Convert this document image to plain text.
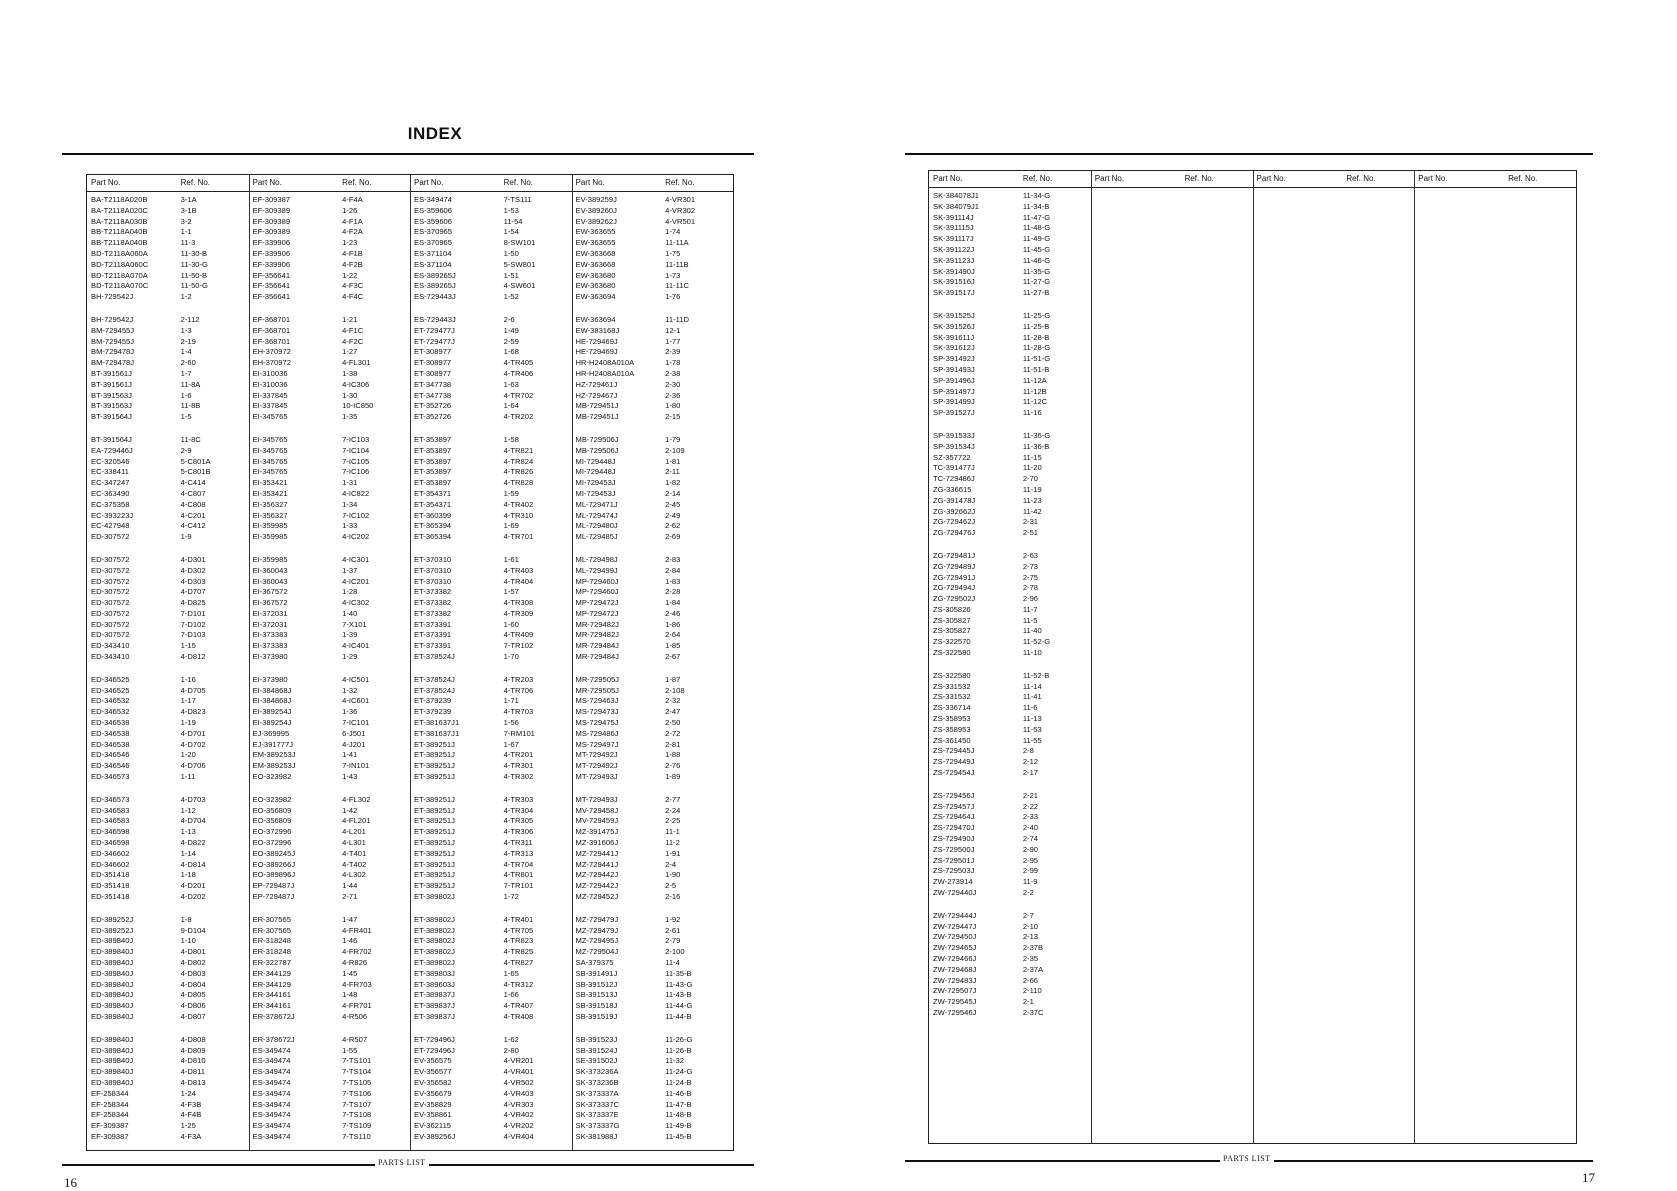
INDEX
Part No.	Ref. No.
BA-T2118A020B	3-1A
BA-T2118A020C	3-1B
BA-T2118A030B	3-2
BB-T2118A040B	1-1
BB-T2118A040B	11-3
BD-T2118A060A	11-30-B
BD-T2118A060C	11-30-G
BD-T2118A070A	11-50-B
BD-T2118A070C	11-50-G
BH-729542J	1-2
BH-729542J	2-112
BM-729455J	1-3
BM-729455J	2-19
BM-729478J	1-4
BM-729478J	2-60
BT-391561J	1-7
BT-391561J	11-8A
BT-391563J	1-6
BT-391563J	11-8B
BT-391564J	1-5
BT-391564J	11-8C
EA-729446J	2-9
EC-320546	5-C801A
EC-338411	5-C801B
EC-347247	4-C414
EC-363490	4-C807
EC-375358	4-C808
EC-393223J	4-C201
EC-427948	4-C412
ED-307572	1-9
ED-307572	4-D301
ED-307572	4-D302
ED-307572	4-D303
ED-307572	4-D707
ED-307572	4-D825
ED-307572	7-D101
ED-307572	7-D102
ED-307572	7-D103
ED-343410	1-15
ED-343410	4-D812
ED-346525	1-16
ED-346525	4-D705
ED-346532	1-17
ED-346532	4-D823
ED-346538	1-19
ED-346538	4-D701
ED-346538	4-D702
ED-346546	1-20
ED-346546	4-D706
ED-346573	1-11
ED-346573	4-D703
ED-346583	1-12
ED-346583	4-D704
ED-346598	1-13
ED-346598	4-D822
ED-346602	1-14
ED-346602	4-D814
ED-351418	1-18
ED-351418	4-D201
ED-351418	4-D202
ED-389252J	1-8
ED-389252J	9-D104
ED-389840J	1-10
ED-389840J	4-D801
ED-389840J	4-D802
ED-389840J	4-D803
ED-389840J	4-D804
ED-389840J	4-D805
ED-389840J	4-D806
ED-389840J	4-D807
ED-389840J	4-D808
ED-389840J	4-D809
ED-389840J	4-D810
ED-389840J	4-D811
ED-389840J	4-D813
EF-258344	1-24
EF-258344	4-F3B
EF-258344	4-F4B
EF-309387	1-25
EF-309387	4-F3A
Part No.	Ref. No.
EF-309387	4-F4A
EF-309389	1-26
EF-309389	4-F1A
EF-309389	4-F2A
EF-339906	1-23
EF-339906	4-F1B
EF-339906	4-F2B
EF-356641	1-22
EF-356641	4-F3C
EF-356641	4-F4C
EF-368701	1-21
EF-368701	4-F1C
EF-368701	4-F2C
EH-370972	1-27
EH-370972	4-FL301
EI-310036	1-38
EI-310036	4-IC306
EI-337845	1-30
EI-337845	10-IC850
EI-345765	1-35
EI-345765	7-IC103
EI-345765	7-IC104
EI-345765	7-IC105
EI-345765	7-IC106
EI-353421	1-31
EI-353421	4-IC822
EI-356327	1-34
EI-356327	7-IC102
EI-359985	1-33
EI-359985	4-IC202
EI-359985	4-IC301
EI-360043	1-37
EI-360043	4-IC201
EI-367572	1-28
EI-367572	4-IC302
EI-372031	1-40
EI-372031	7-X101
EI-373383	1-39
EI-373383	4-IC401
EI-373980	1-29
EI-373980	4-IC501
EI-384868J	1-32
EI-384868J	4-IC601
EI-389254J	1-36
EI-389254J	7-IC101
EJ-369995	6-J501
EJ-391777J	4-J201
EM-389253J	1-41
EM-389253J	7-IN101
EO-323982	1-43
EO-323982	4-FL302
EO-356809	1-42
EO-356809	4-FL201
EO-372996	4-L201
EO-372996	4-L301
EO-389245J	4-T401
EO-389266J	4-T402
EO-389896J	4-L302
EP-729487J	1-44
EP-729487J	2-71
ER-307565	1-47
ER-307565	4-FR401
ER-318248	1-46
ER-318248	4-FR702
ER-322787	4-R826
ER-344129	1-45
ER-344129	4-FR703
ER-344161	1-48
ER-344161	4-FR701
ER-378672J	4-R506
ER-378672J	4-R507
ES-349474	1-55
ES-349474	7-TS101
ES-349474	7-TS104
ES-349474	7-TS105
ES-349474	7-TS106
ES-349474	7-TS107
ES-349474	7-TS108
ES-349474	7-TS109
ES-349474	7-TS110
Part No.	Ref. No.
ES-349474	7-TS111
ES-359606	1-53
ES-359606	11-54
ES-370965	1-54
ES-370965	8-SW101
ES-371104	1-50
ES-371104	5-SW801
ES-389265J	1-51
ES-389265J	4-SW601
ES-729443J	1-52
ES-729443J	2-6
ET-729477J	1-49
ET-729477J	2-59
ET-308977	1-68
ET-308977	4-TR405
ET-308977	4-TR406
ET-347738	1-63
ET-347738	4-TR702
ET-352726	1-64
ET-352726	4-TR202
ET-353897	1-58
ET-353897	4-TR821
ET-353897	4-TR824
ET-353897	4-TR826
ET-353897	4-TR828
ET-354371	1-59
ET-354371	4-TR402
ET-360399	4-TR310
ET-365394	1-69
ET-365394	4-TR701
ET-370310	1-61
ET-370310	4-TR403
ET-370310	4-TR404
ET-373382	1-57
ET-373382	4-TR308
ET-373382	4-TR309
ET-373391	1-60
ET-373391	4-TR409
ET-373391	7-TR102
ET-378524J	1-70
ET-378524J	4-TR203
ET-378524J	4-TR706
ET-379239	1-71
ET-379239	4-TR703
ET-381637J1	1-56
ET-381637J1	7-RM101
ET-389251J	1-67
ET-389251J	4-TR201
ET-389251J	4-TR301
ET-389251J	4-TR302
ET-389251J	4-TR303
ET-389251J	4-TR304
ET-389251J	4-TR305
ET-389251J	4-TR306
ET-389251J	4-TR311
ET-389251J	4-TR313
ET-389251J	4-TR704
ET-389251J	4-TR801
ET-389251J	7-TR101
ET-389802J	1-72
ET-389802J	4-TR401
ET-389802J	4-TR705
ET-389802J	4-TR823
ET-389802J	4-TR825
ET-389802J	4-TR827
ET-389803J	1-65
ET-389603J	4-TR312
ET-389837J	1-66
ET-389837J	4-TR407
ET-389837J	4-TR408
ET-729496J	1-62
ET-729496J	2-80
EV-356575	4-VR201
EV-356577	4-VR401
EV-356582	4-VR502
EV-356679	4-VR403
EV-358829	4-VR303
EV-358861	4-VR402
EV-362115	4-VR202
EV-389256J	4-VR404
Part No.	Ref. No.
EV-389259J	4-VR301
EV-389260J	4-VR302
EV-389262J	4-VR501
EW-363655	1-74
EW-363655	11-11A
EW-363668	1-75
EW-363668	11-11B
EW-363680	1-73
EW-363680	11-11C
EW-363694	1-76
EW-363694	11-11D
EW-383168J	12-1
HE-729469J	1-77
HE-729469J	2-39
HR-H2408A010A	1-78
HR-H2408A010A	2-38
HZ-729461J	2-30
HZ-729467J	2-36
MB-729451J	1-80
MB-729451J	2-15
MB-729506J	1-79
MB-729506J	2-109
MI-729448J	1-81
MI-729448J	2-11
MI-729453J	1-82
MI-729453J	2-14
ML-729471J	2-45
ML-729474J	2-49
ML-729480J	2-62
ML-729485J	2-69
ML-729498J	2-83
ML-729499J	2-84
MP-729460J	1-83
MP-729460J	2-28
MP-729472J	1-84
MP-729472J	2-46
MR-729482J	1-86
MR-729482J	2-64
MR-729484J	1-85
MR-729484J	2-67
MR-729505J	1-87
MR-729505J	2-108
MS-729463J	2-32
MS-729473J	2-47
MS-729475J	2-50
MS-729486J	2-72
MS-729497J	2-81
MT-729492J	1-88
MT-729492J	2-76
MT-729493J	1-89
MT-729493J	2-77
MV-729458J	2-24
MV-729459J	2-25
MZ-391475J	11-1
MZ-391606J	11-2
MZ-729441J	1-91
MZ-729441J	2-4
MZ-729442J	1-90
MZ-729442J	2-5
MZ-729452J	2-16
MZ-729479J	1-92
MZ-729479J	2-61
MZ-729495J	2-79
MZ-729504J	2-100
SA-379375	11-4
SB-391491J	11-35-B
SB-391512J	11-43-G
SB-391513J	11-43-B
SB-391518J	11-44-G
SB-391519J	11-44-B
SB-391523J	11-26-G
SB-391524J	11-26-B
SE-391502J	11-32
SK-373236A	11-24-G
SK-373236B	11-24-B
SK-373337A	11-46-B
SK-373337C	11-47-B
SK-373337E	11-48-B
SK-373337G	11-49-B
SK-381988J	11-45-B
Part No.	Ref. No.
SK-384078J1	11-34-G
SK-384079J1	11-34-B
SK-391114J	11-47-G
SK-391115J	11-48-G
SK-391117J	11-49-G
SK-391122J	11-45-G
SK-391123J	11-46-G
SK-391490J	11-35-G
SK-391516J	11-27-G
SK-391517J	11-27-B
SK-391525J	11-25-G
SK-391526J	11-25-B
SK-391611J	11-28-B
SK-391612J	11-28-G
SP-391492J	11-51-G
SP-391493J	11-51-B
SP-391496J	11-12A
SP-391497J	11-12B
SP-391499J	11-12C
SP-391527J	11-16
SP-391533J	11-36-G
SP-391534J	11-36-B
SZ-357722	11-15
TC-391477J	11-20
TC-729486J	2-70
ZG-336615	11-19
ZG-391478J	11-23
ZG-392662J	11-42
ZG-729462J	2-31
ZG-729476J	2-51
ZG-729481J	2-63
ZG-729489J	2-73
ZG-729491J	2-75
ZG-729494J	2-78
ZG-729502J	2-96
ZS-305826	11-7
ZS-305827	11-5
ZS-305827	11-40
ZS-322570	11-52-G
ZS-322580	11-10
ZS-322580	11-52-B
ZS-331532	11-14
ZS-331532	11-41
ZS-336714	11-6
ZS-358953	11-13
ZS-358953	11-53
ZS-361450	11-55
ZS-729445J	2-8
ZS-729449J	2-12
ZS-729454J	2-17
ZS-729456J	2-21
ZS-729457J	2-22
ZS-729464J	2-33
ZS-729470J	2-40
ZS-729490J	2-74
ZS-729500J	2-90
ZS-729501J	2-95
ZS-729503J	2-99
ZW-273914	11-9
ZW-729440J	2-2
ZW-729444J	2-7
ZW-729447J	2-10
ZW-729450J	2-13
ZW-729465J	2-37B
ZW-729466J	2-35
ZW-729468J	2-37A
ZW-729483J	2-66
ZW-729507J	2-110
ZW-729545J	2-1
ZW-729546J	2-37C
Part No.	Ref. No.	Part No.	Ref. No.	Part No.	Ref. No.
PARTS LIST	PARTS LIST
16	17
